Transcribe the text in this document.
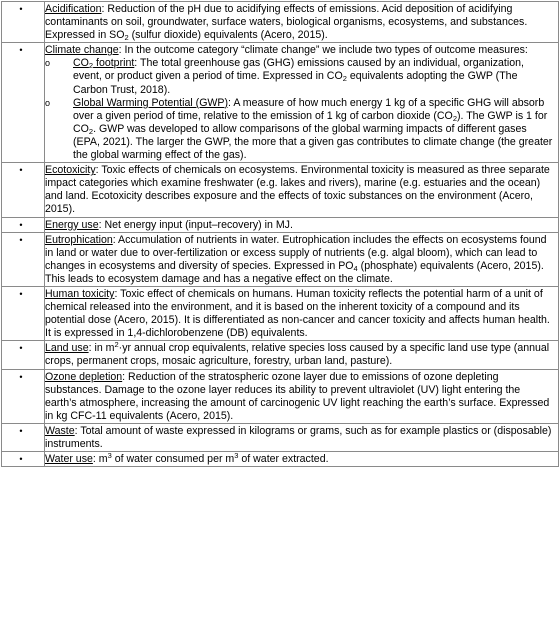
•	Acidification: Reduction of the pH due to acidifying effects of emissions. Acid deposition of acidifying contaminants on soil, groundwater, surface waters, biological organisms, ecosystems, and substances. Expressed in $SO_2$ (sulfur dioxide) equivalents (Acero, 2015).
•	Climate change: In the outcome category “climate change” we include two types of outcome measures:
o $CO_2$ footprint: The total greenhouse gas (GHG) emissions caused by an individual, organization, event, or product given a period of time. Expressed in $CO_2$ equivalents adopting the GWP (The Carbon Trust, 2018).
o Global Warming Potential (GWP): A measure of how much energy 1 kg of a specific GHG will absorb over a given period of time, relative to the emission of 1 kg of carbon dioxide $(CO_2)$. The GWP is 1 for $CO_2$. GWP was developed to allow comparisons of the global warming impacts of different gases (EPA, 2021). The larger the GWP, the more that a given gas contributes to climate change (the greater the global warming effect of the gas).

•	Ecotoxicity: Toxic effects of chemicals on ecosystems. Environmental toxicity is measured as three separate impact categories which examine freshwater (e.g. lakes and rivers), marine (e.g. estuaries and the ocean) and land. Ecotoxicity describes exposure and the effects of toxic substances on the environment (Acero, 2015).
•	Energy use: Net energy input (input–recovery) in MJ.
•	Eutrophication: Accumulation of nutrients in water. Eutrophication includes the effects on ecosystems found in land or water due to over-fertilization or excess supply of nutrients (e.g. algal bloom), which can lead to changes in ecosystems and diversity of species. Expressed in $PO_4$ (phosphate) equivalents (Acero, 2015). This leads to ecosystem damage and has a negative effect on the climate.
•	Human toxicity: Toxic effect of chemicals on humans. Human toxicity reflects the potential harm of a unit of chemical released into the environment, and it is based on the inherent toxicity of a compound and its potential dose (Acero, 2015). It is differentiated as non-cancer and cancer toxicity and affects human health. It is expressed in 1,4-dichlorobenzene (DB) equivalents.
•	Land use: in $m^2\cdot yr$ annual crop equivalents, relative species loss caused by a specific land use type (annual crops, permanent crops, mosaic agriculture, forestry, urban land, pasture).
•	Ozone depletion: Reduction of the stratospheric ozone layer due to emissions of ozone depleting substances. Damage to the ozone layer reduces its ability to prevent ultraviolet (UV) light entering the earth’s atmosphere, increasing the amount of carcinogenic UV light reaching the earth’s surface. Expressed in kg CFC-11 equivalents (Acero, 2015).
•	Waste: Total amount of waste expressed in kilograms or grams, such as for example plastics or (disposable) instruments.
•	Water use: $m^3$ of water consumed per $m^3$ of water extracted.
